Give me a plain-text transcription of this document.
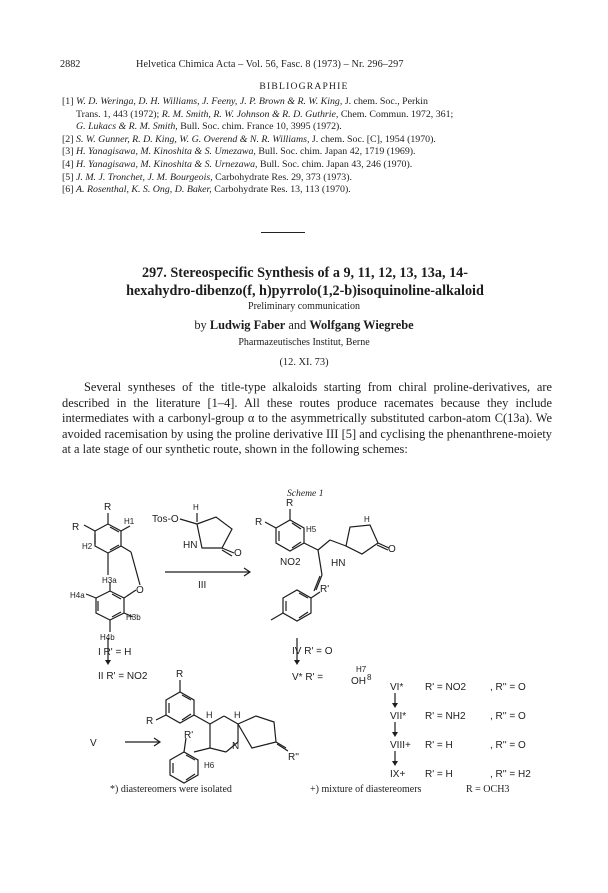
2882	Helvetica Chimica Acta – Vol. 56, Fasc. 8 (1973) – Nr. 296–297
BIBLIOGRAPHIE
[1] W. D. Weringa, D. H. Williams, J. Feeny, J. P. Brown & R. W. King, J. chem. Soc., Perkin
Trans. 1, 443 (1972); R. M. Smith, R. W. Johnson & R. D. Guthrie, Chem. Commun. 1972, 361;
G. Lukacs & R. M. Smith, Bull. Soc. chim. France 10, 3995 (1972).
[2] S. W. Gunner, R. D. King, W. G. Overend & N. R. Williams, J. chem. Soc. [C], 1954 (1970).
[3] H. Yanagisawa, M. Kinoshita & S. Umezawa, Bull. Soc. chim. Japan 42, 1719 (1969).
[4] H. Yanagisawa, M. Kinoshita & S. Urnezawa, Bull. Soc. chim. Japan 43, 246 (1970).
[5] J. M. J. Tronchet, J. M. Bourgeois, Carbohydrate Res. 29, 373 (1973).
[6] A. Rosenthal, K. S. Ong, D. Baker, Carbohydrate Res. 13, 113 (1970).
297. Stereospecific Synthesis of a 9, 11, 12, 13, 13a, 14-
hexahydro-dibenzo(f, h)pyrrolo(1,2-b)isoquinoline-alkaloid
Preliminary communication
by Ludwig Faber and Wolfgang Wiegrebe
Pharmazeutisches Institut, Berne
(12. XI. 73)

Several syntheses of the title-type alkaloids starting from chiral proline-derivatives, are described in the literature [1–4]. All these routes produce racemates because they include intermediates with a carbonyl-group α to the asymmetrically substituted carbon-atom C(13a). We avoided racemisation by using the proline derivative III [5] and cyclising the phenanthrene-moiety at a late stage of our synthetic route, shown in the following schemes:

Scheme 1
R
R
H1
H2
H3a
O
H4a
H3b
H4b
I R' = H
II R' = NO2
Tos-O
H
HN
O
III
R
R
H5
H
NO2	HN
O
R'
IV R' = O
V* R' =
H7
OH 8
R
R
V
H H
N
R''
R'
H6
VI* R' = NO2 , R'' = O
VII* R' = NH2 , R'' = O
VIII+ R' = H	, R'' = O
IX+ R' = H	, R'' = H2
*) diastereomers were isolated	+) mixture of diastereomers	R = OCH3
